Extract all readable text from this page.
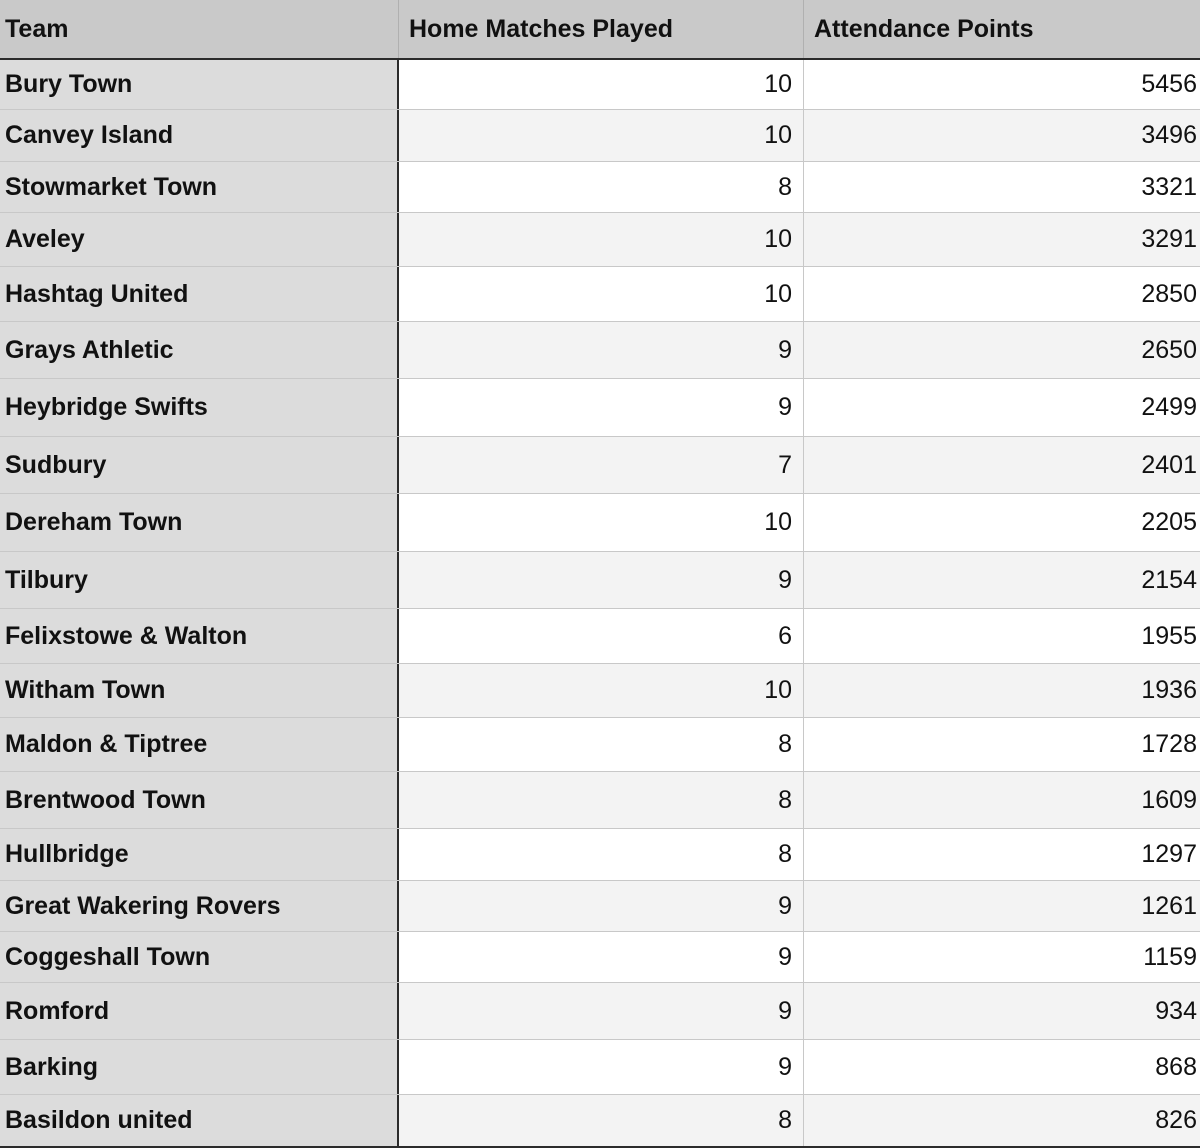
Team	Home Matches Played	Attendance Points
Bury Town	10	5456
Canvey Island	10	3496
Stowmarket Town	8	3321
Aveley	10	3291
Hashtag United	10	2850
Grays Athletic	9	2650
Heybridge Swifts	9	2499
Sudbury	7	2401
Dereham Town	10	2205
Tilbury	9	2154
Felixstowe & Walton	6	1955
Witham Town	10	1936
Maldon & Tiptree	8	1728
Brentwood Town	8	1609
Hullbridge	8	1297
Great Wakering Rovers	9	1261
Coggeshall Town	9	1159
Romford	9	934
Barking	9	868
Basildon united	8	826
